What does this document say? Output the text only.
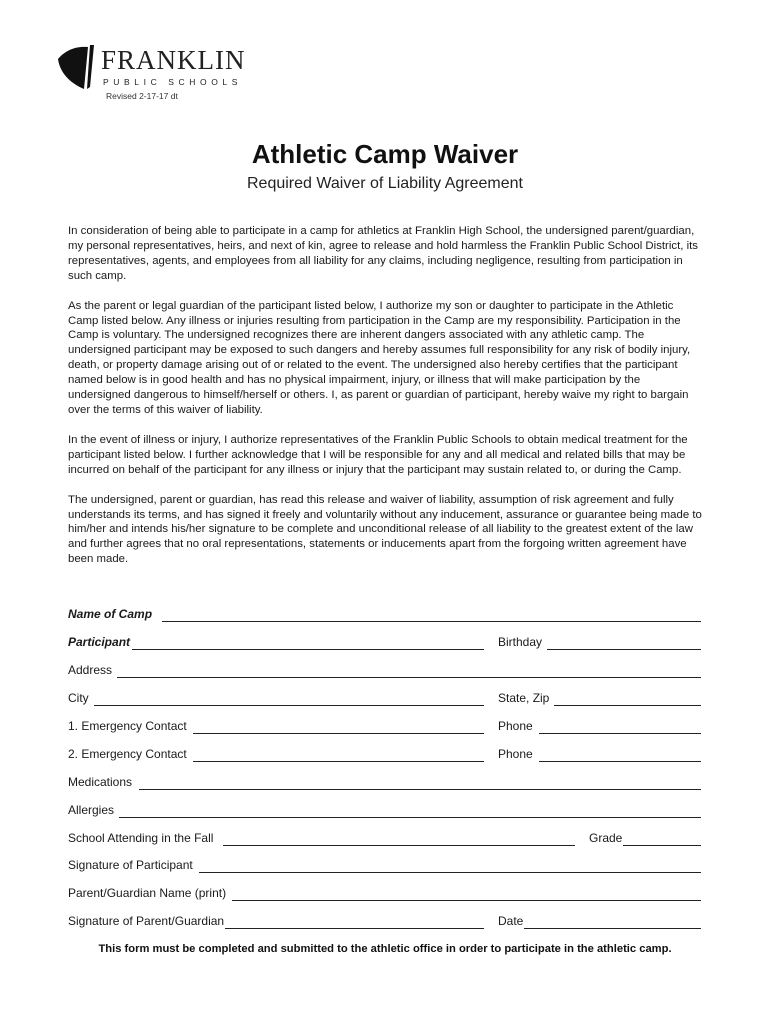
FRANKLIN
PUBLIC SCHOOLS
Revised 2-17-17 dt
Athletic Camp Waiver
Required Waiver of Liability Agreement

In consideration of being able to participate in a camp for athletics at Franklin High School, the undersigned parent/guardian, my personal representatives, heirs, and next of kin, agree to release and hold harmless the Franklin Public School District, its representatives, agents, and employees from all liability for any claims, including negligence, resulting from participation in such camp.

As the parent or legal guardian of the participant listed below, I authorize my son or daughter to participate in the Athletic Camp listed below. Any illness or injuries resulting from participation in the Camp are my responsibility. Participation in the Camp is voluntary. The undersigned recognizes there are inherent dangers associated with any athletic camp. The undersigned participant may be exposed to such dangers and hereby assumes full responsibility for any risk of bodily injury, death, or property damage arising out of or related to the event. The undersigned also hereby certifies that the participant named below is in good health and has no physical impairment, injury, or illness that will make participation by the undersigned dangerous to himself/herself or others. I, as parent or guardian of participant, hereby waive my right to bargain over the terms of this waiver of liability.

In the event of illness or injury, I authorize representatives of the Franklin Public Schools to obtain medical treatment for the participant listed below. I further acknowledge that I will be responsible for any and all medical and related bills that may be incurred on behalf of the participant for any illness or injury that the participant may sustain related to, or during the Camp.

The undersigned, parent or guardian, has read this release and waiver of liability, assumption of risk agreement and fully understands its terms, and has signed it freely and voluntarily without any inducement, assurance or guarantee being made to him/her and intends his/her signature to be complete and unconditional release of all liability to the greatest extent of the law and further agrees that no oral representations, statements or inducements apart from the forgoing written agreement have been made.

Name of Camp
Participant	Birthday
Address
City	State, Zip
1. Emergency Contact	Phone
2. Emergency Contact	Phone
Medications
Allergies
School Attending in the Fall	Grade
Signature of Participant
Parent/Guardian Name (print)
Signature of Parent/Guardian	Date
This form must be completed and submitted to the athletic office in order to participate in the athletic camp.
